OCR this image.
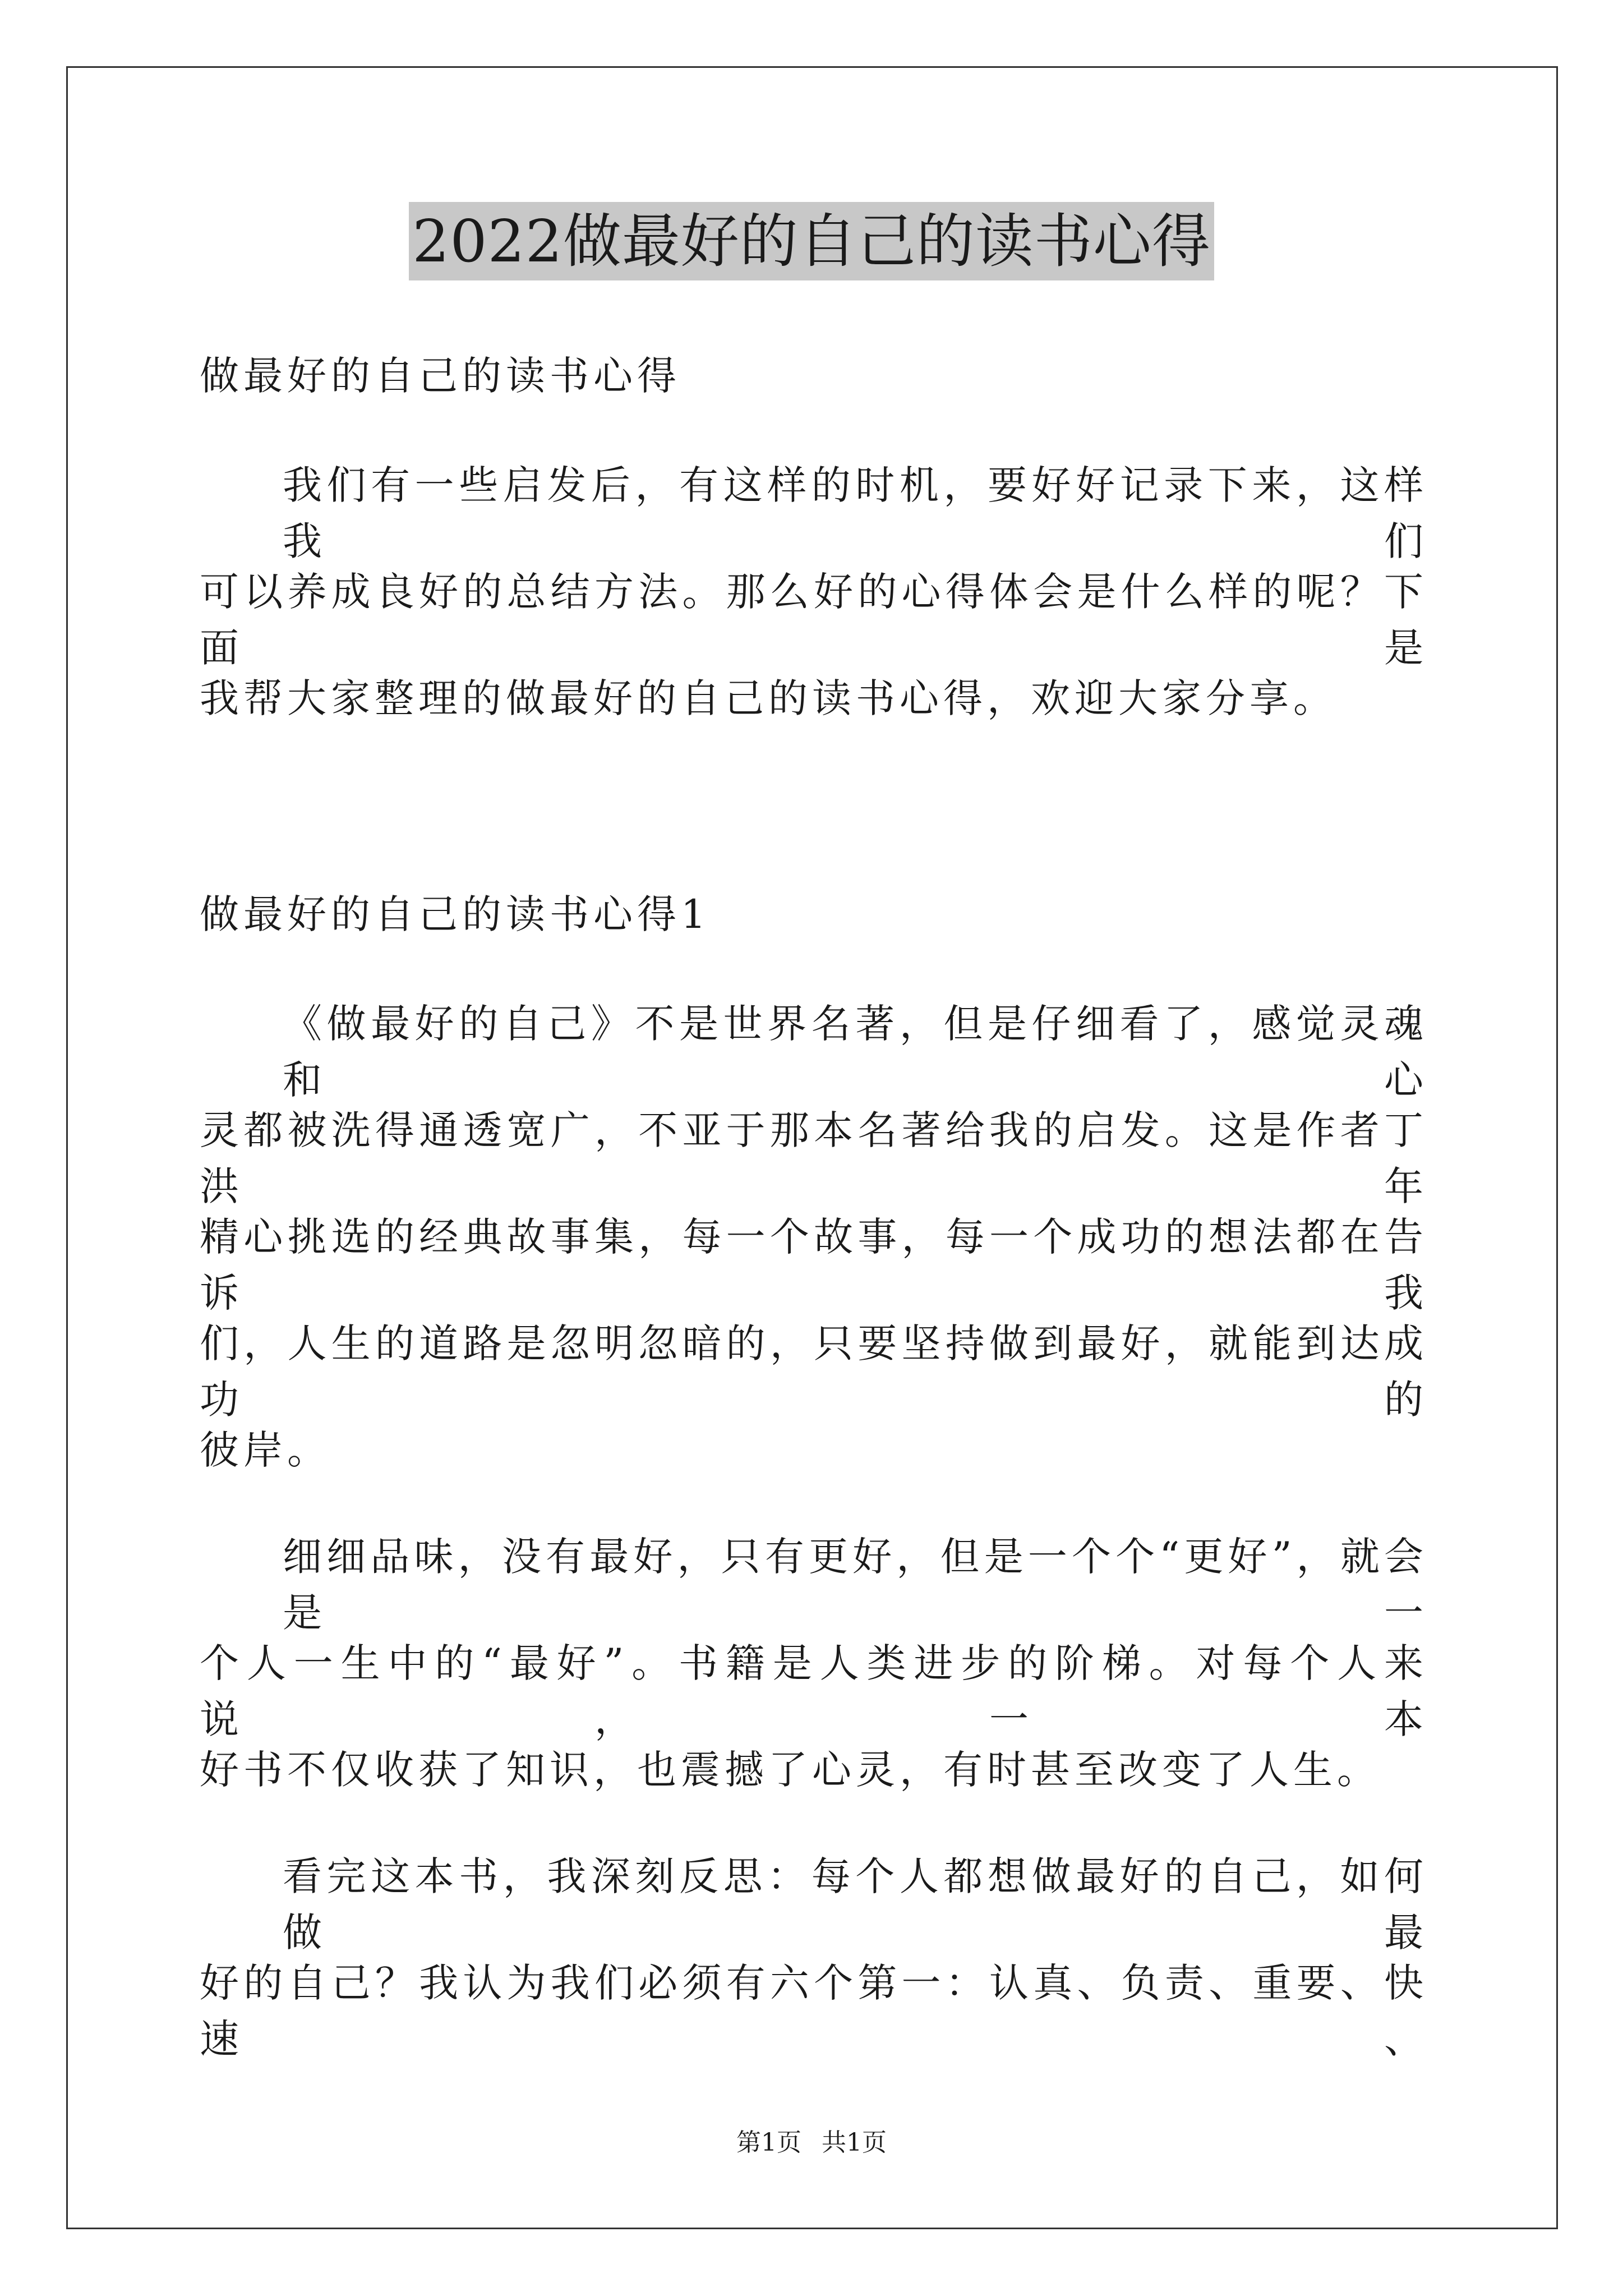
2022做最好的自己的读书心得
做最好的自己的读书心得
我们有一些启发后，有这样的时机，要好好记录下来，这样我们
可以养成良好的总结方法。那么好的心得体会是什么样的呢？下面是
我帮大家整理的做最好的自己的读书心得，欢迎大家分享。
做最好的自己的读书心得1
《做最好的自己》不是世界名著，但是仔细看了，感觉灵魂和心
灵都被洗得通透宽广，不亚于那本名著给我的启发。这是作者丁洪年
精心挑选的经典故事集，每一个故事，每一个成功的想法都在告诉我
们，人生的道路是忽明忽暗的，只要坚持做到最好，就能到达成功的
彼岸。
细细品味，没有最好，只有更好，但是一个个“更好”，就会是一
个人一生中的“最好”。书籍是人类进步的阶梯。对每个人来说，一本
好书不仅收获了知识，也震撼了心灵，有时甚至改变了人生。
看完这本书，我深刻反思：每个人都想做最好的自己，如何做最
好的自己？我认为我们必须有六个第一：认真、负责、重要、快速、
第1页 共1页
